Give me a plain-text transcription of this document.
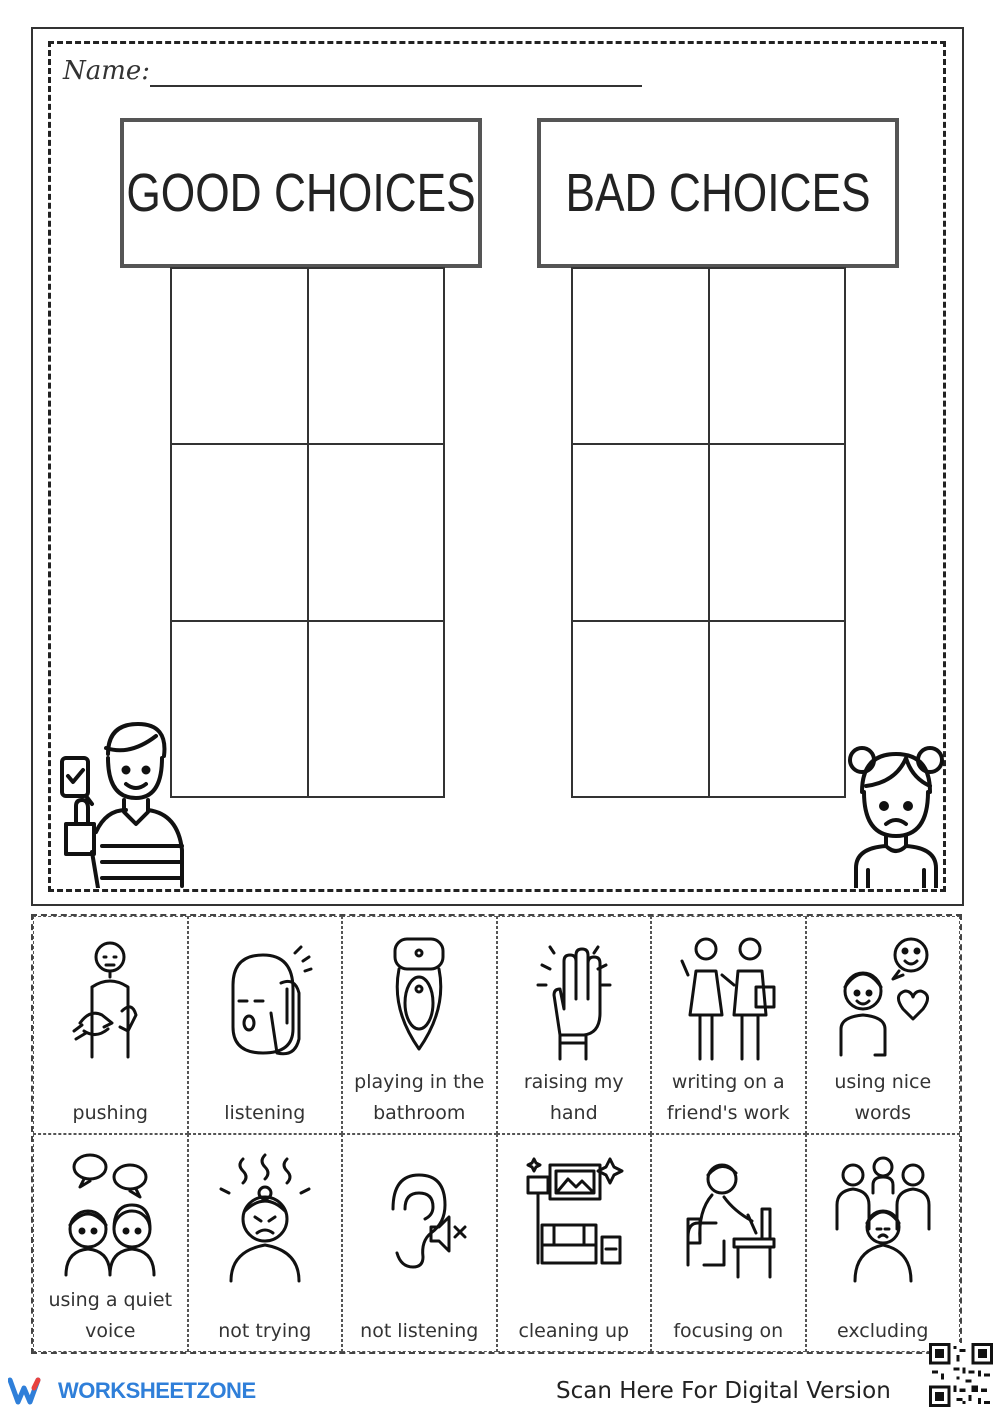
Name:
GOOD CHOICES BAD CHOICES
pushing	listening
playing in the bathroom
raising my hand
writing on a friend's work
using nice words
using a quiet voice	not trying	not listening	cleaning up	focusing on	excluding
WORKSHEETZONE	Scan Here For Digital Version
